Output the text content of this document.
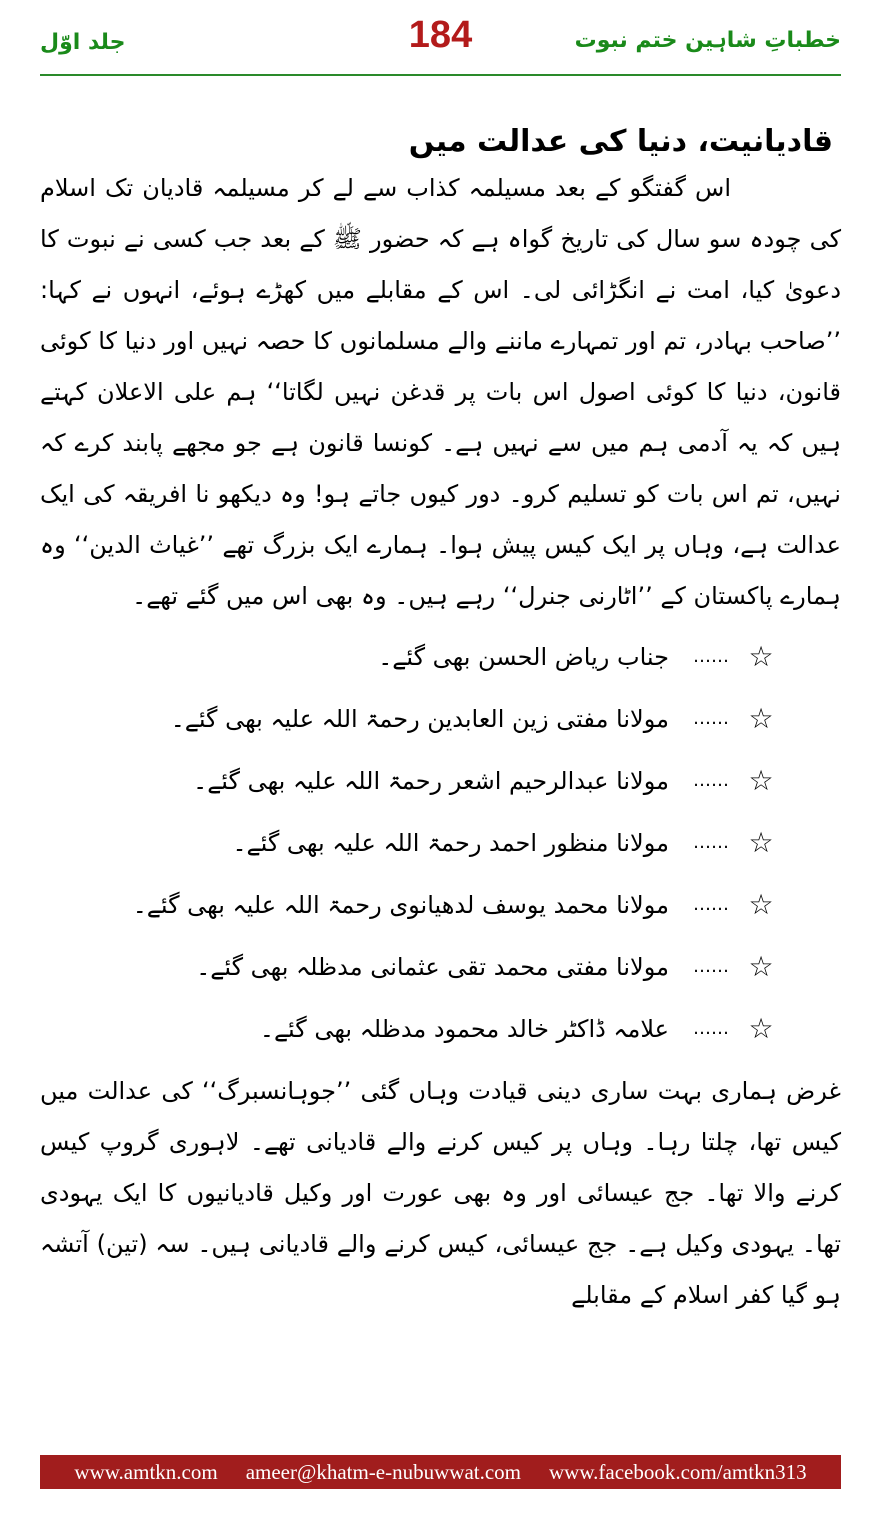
جلد اوّل	184	خطباتِ شاہین ختم نبوت
قادیانیت، دنیا کی عدالت میں

اس گفتگو کے بعد مسیلمہ کذاب سے لے کر مسیلمہ قادیان تک اسلام کی چودہ سو سال کی تاریخ گواہ ہے کہ حضور ﷺ کے بعد جب کسی نے نبوت کا دعویٰ کیا، امت نے انگڑائی لی۔ اس کے مقابلے میں کھڑے ہوئے، انہوں نے کہا: ’’صاحب بہادر، تم اور تمہارے ماننے والے مسلمانوں کا حصہ نہیں اور دنیا کا کوئی قانون، دنیا کا کوئی اصول اس بات پر قدغن نہیں لگاتا‘‘ ہم علی الاعلان کہتے ہیں کہ یہ آدمی ہم میں سے نہیں ہے۔ کونسا قانون ہے جو مجھے پابند کرے کہ نہیں، تم اس بات کو تسلیم کرو۔ دور کیوں جاتے ہو! وہ دیکھو نا افریقہ کی ایک عدالت ہے، وہاں پر ایک کیس پیش ہوا۔ ہمارے ایک بزرگ تھے ’’غیاث الدین‘‘ وہ ہمارے پاکستان کے ’’اٹارنی جنرل‘‘ رہے ہیں۔ وہ بھی اس میں گئے تھے۔

☆
……
جناب ریاض الحسن بھی گئے۔
☆
……
مولانا مفتی زین العابدین رحمۃ اللہ علیہ بھی گئے۔
☆
……
مولانا عبدالرحیم اشعر رحمۃ اللہ علیہ بھی گئے۔
☆
……
مولانا منظور احمد رحمۃ اللہ علیہ بھی گئے۔
☆
……
مولانا محمد یوسف لدھیانوی رحمۃ اللہ علیہ بھی گئے۔
☆
……
مولانا مفتی محمد تقی عثمانی مدظلہ بھی گئے۔
☆
……
علامہ ڈاکٹر خالد محمود مدظلہ بھی گئے۔

غرض ہماری بہت ساری دینی قیادت وہاں گئی ’’جوہانسبرگ‘‘ کی عدالت میں کیس تھا، چلتا رہا۔ وہاں پر کیس کرنے والے قادیانی تھے۔ لاہوری گروپ کیس کرنے والا تھا۔ جج عیسائی اور وہ بھی عورت اور وکیل قادیانیوں کا ایک یہودی تھا۔ یہودی وکیل ہے۔ جج عیسائی، کیس کرنے والے قادیانی ہیں۔ سہ (تین) آتشہ ہو گیا کفر اسلام کے مقابلے

www.amtkn.com ameer@khatm-e-nubuwwat.com www.facebook.com/amtkn313
